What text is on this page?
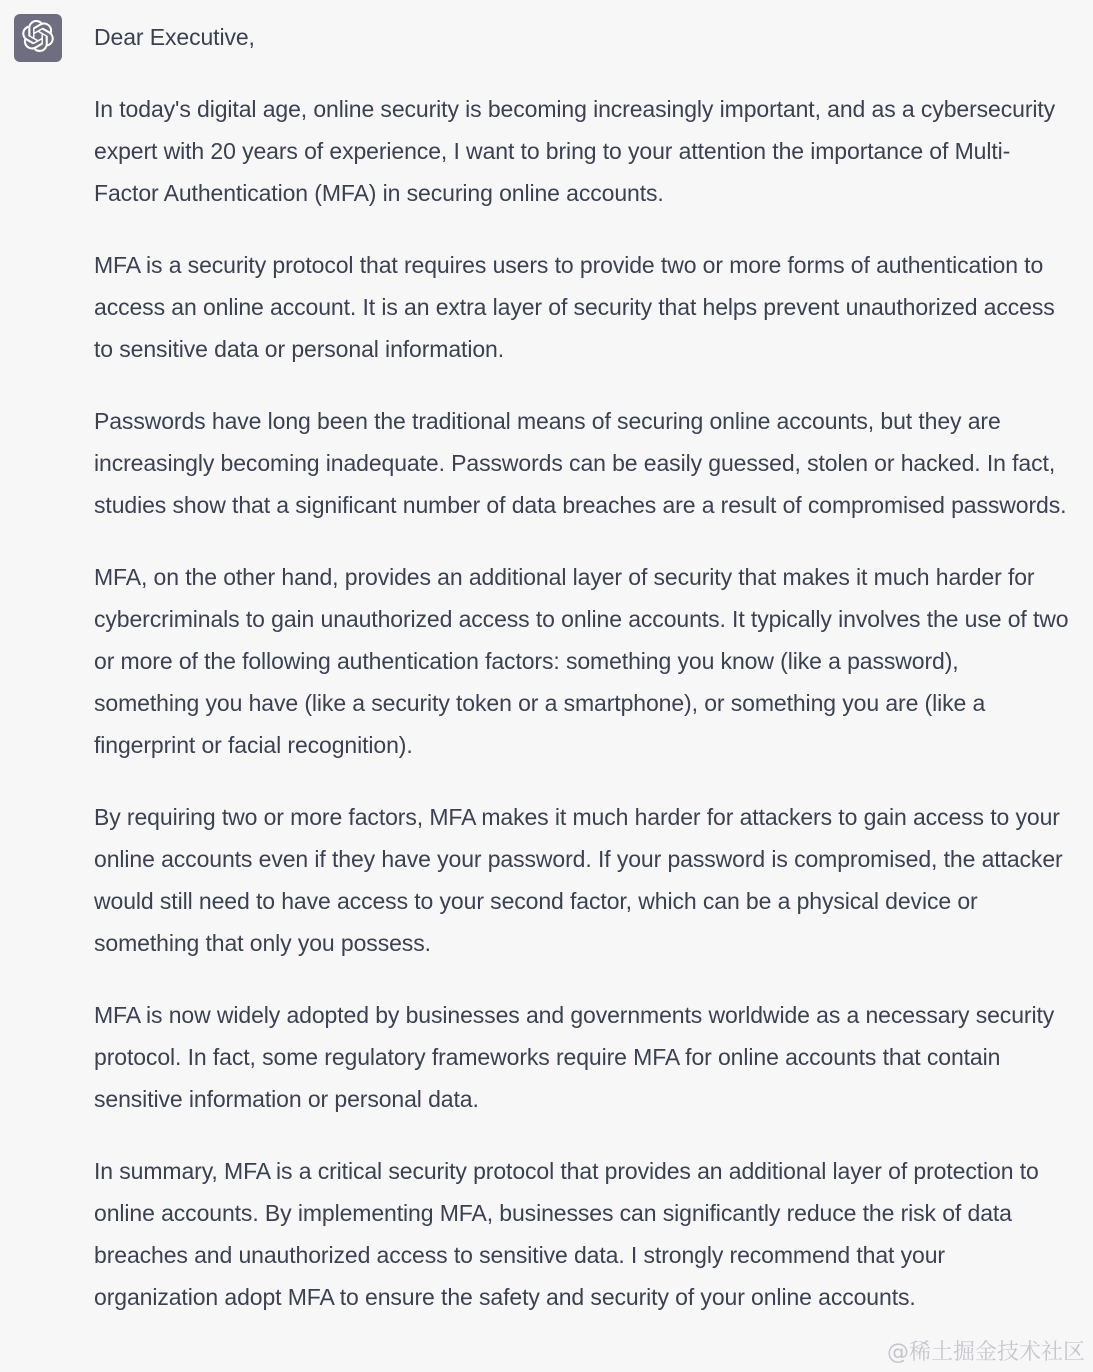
Dear Executive,

In today's digital age, online security is becoming increasingly important, and as a cybersecurity expert with 20 years of experience, I want to bring to your attention the importance of Multi-Factor Authentication (MFA) in securing online accounts.

MFA is a security protocol that requires users to provide two or more forms of authentication to access an online account. It is an extra layer of security that helps prevent unauthorized access to sensitive data or personal information.

Passwords have long been the traditional means of securing online accounts, but they are increasingly becoming inadequate. Passwords can be easily guessed, stolen or hacked. In fact, studies show that a significant number of data breaches are a result of compromised passwords.

MFA, on the other hand, provides an additional layer of security that makes it much harder for cybercriminals to gain unauthorized access to online accounts. It typically involves the use of two or more of the following authentication factors: something you know (like a password), something you have (like a security token or a smartphone), or something you are (like a fingerprint or facial recognition).

By requiring two or more factors, MFA makes it much harder for attackers to gain access to your online accounts even if they have your password. If your password is compromised, the attacker would still need to have access to your second factor, which can be a physical device or something that only you possess.

MFA is now widely adopted by businesses and governments worldwide as a necessary security protocol. In fact, some regulatory frameworks require MFA for online accounts that contain sensitive information or personal data.

In summary, MFA is a critical security protocol that provides an additional layer of protection to online accounts. By implementing MFA, businesses can significantly reduce the risk of data breaches and unauthorized access to sensitive data. I strongly recommend that your organization adopt MFA to ensure the safety and security of your online accounts.

@稀土掘金技术社区
